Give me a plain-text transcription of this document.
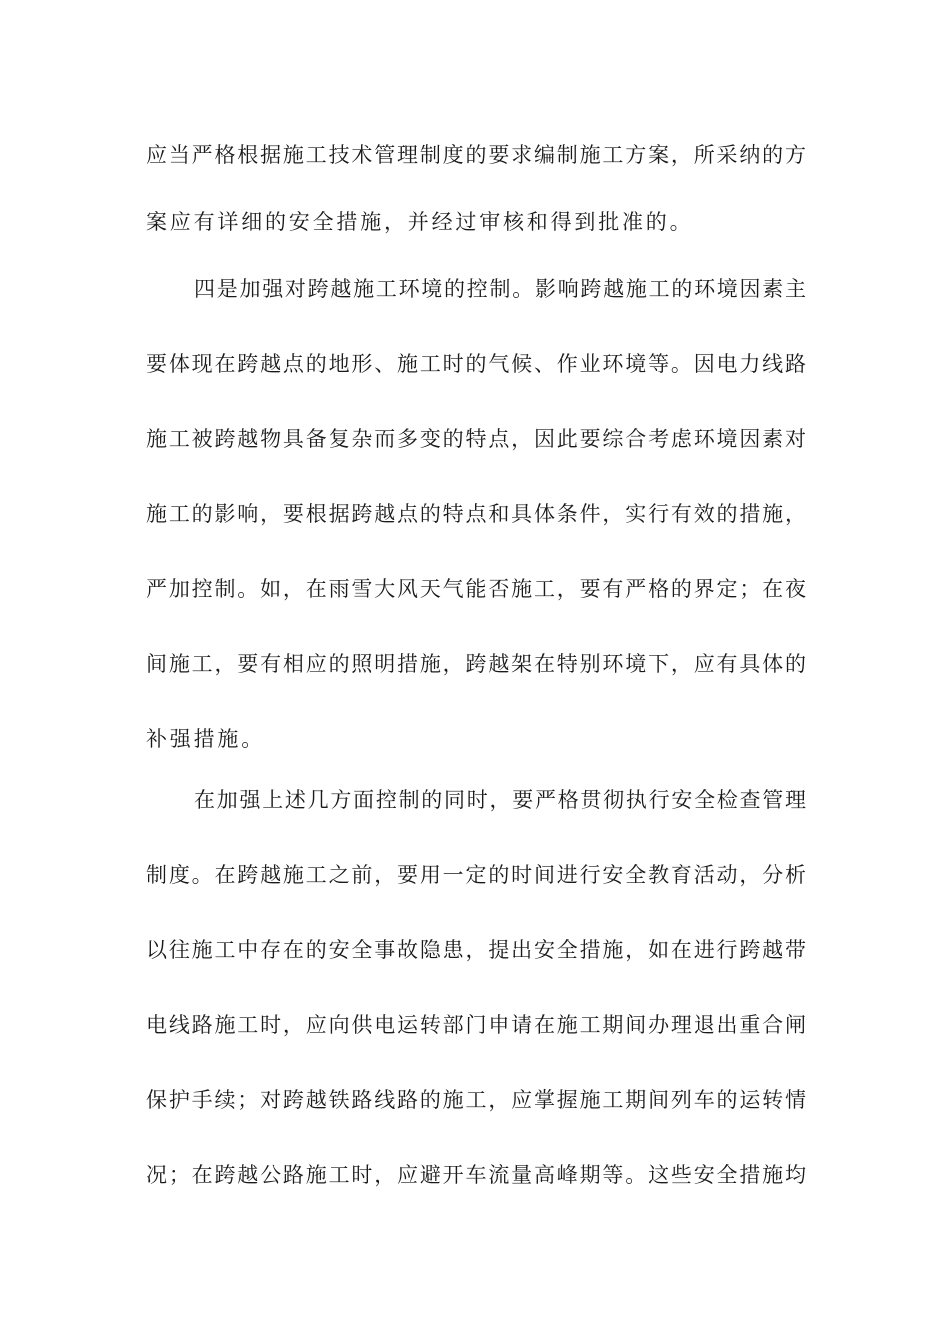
应当严格根据施工技术管理制度的要求编制施工方案，所采纳的方
案应有详细的安全措施，并经过审核和得到批准的。
四是加强对跨越施工环境的控制。影响跨越施工的环境因素主
要体现在跨越点的地形、施工时的气候、作业环境等。因电力线路
施工被跨越物具备复杂而多变的特点，因此要综合考虑环境因素对
施工的影响，要根据跨越点的特点和具体条件，实行有效的措施，
严加控制。如，在雨雪大风天气能否施工，要有严格的界定；在夜
间施工，要有相应的照明措施，跨越架在特别环境下，应有具体的
补强措施。
在加强上述几方面控制的同时，要严格贯彻执行安全检查管理
制度。在跨越施工之前，要用一定的时间进行安全教育活动，分析
以往施工中存在的安全事故隐患，提出安全措施，如在进行跨越带
电线路施工时，应向供电运转部门申请在施工期间办理退出重合闸
保护手续；对跨越铁路线路的施工，应掌握施工期间列车的运转情
况；在跨越公路施工时，应避开车流量高峰期等。这些安全措施均
